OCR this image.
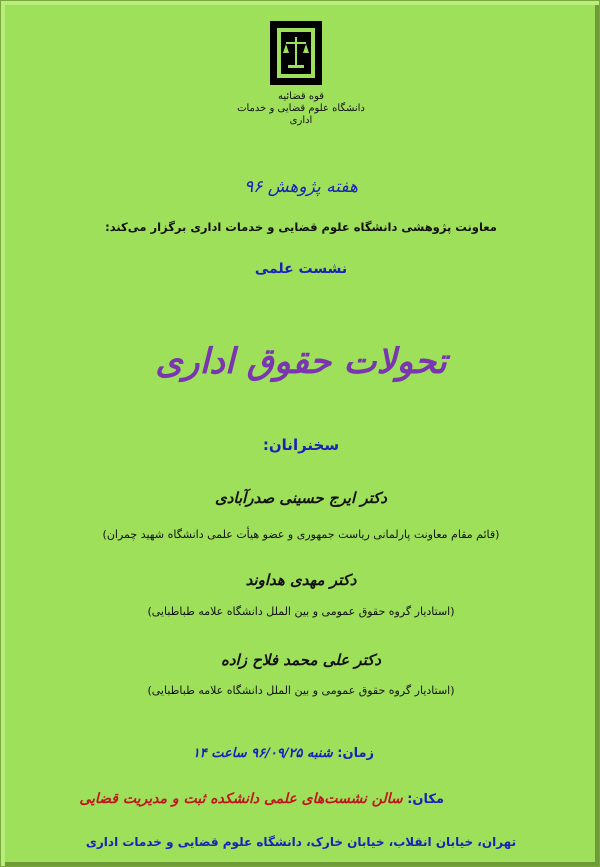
قوه قضائیه
دانشگاه علوم قضایی و خدمات اداری
هفته پژوهش ۹۶
معاونت پژوهشی دانشگاه علوم قضایی و خدمات اداری برگزار می‌کند:
نشست علمی
تحولات حقوق اداری
سخنرانان:
دکتر ایرج حسینی صدرآبادی
(قائم مقام معاونت پارلمانی ریاست جمهوری و عضو هیأت علمی دانشگاه شهید چمران)
دکتر مهدی هداوند
(استادیار گروه حقوق عمومی و بین الملل دانشگاه علامه طباطبایی)
دکتر علی محمد فلاح زاده
(استادیار گروه حقوق عمومی و بین الملل دانشگاه علامه طباطبایی)
زمان: شنبه ۹۶/۰۹/۲۵ ساعت ۱۴
مکان: سالن نشست‌های علمی دانشکده ثبت و مدیریت قضایی
تهران، خیابان انقلاب، خیابان خارک، دانشگاه علوم قضایی و خدمات اداری
